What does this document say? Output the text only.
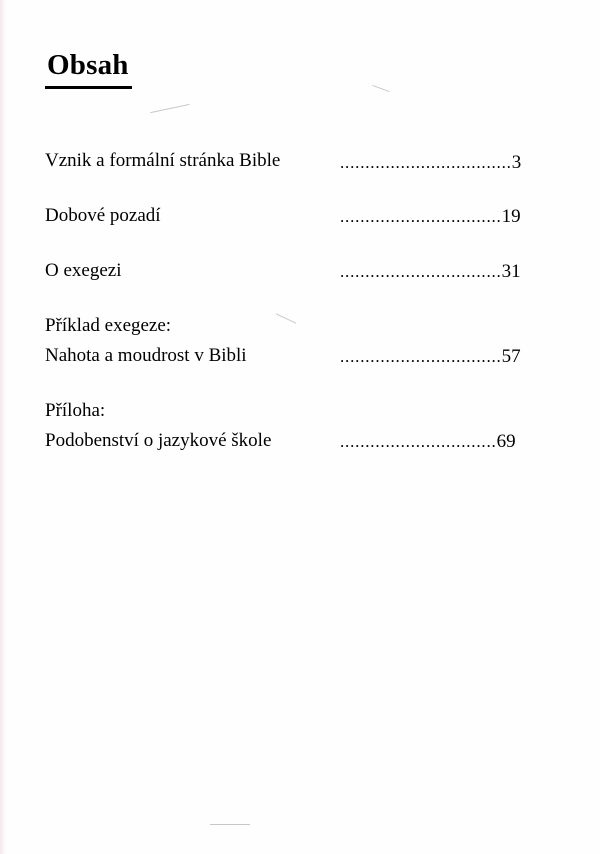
Obsah
Vznik a formální stránka Bible	..................................3
Dobové pozadí	................................19
O exegezi	................................31
Příklad exegeze:
Nahota a moudrost v Bibli	................................57
Příloha:
Podobenství o jazykové škole	...............................69
